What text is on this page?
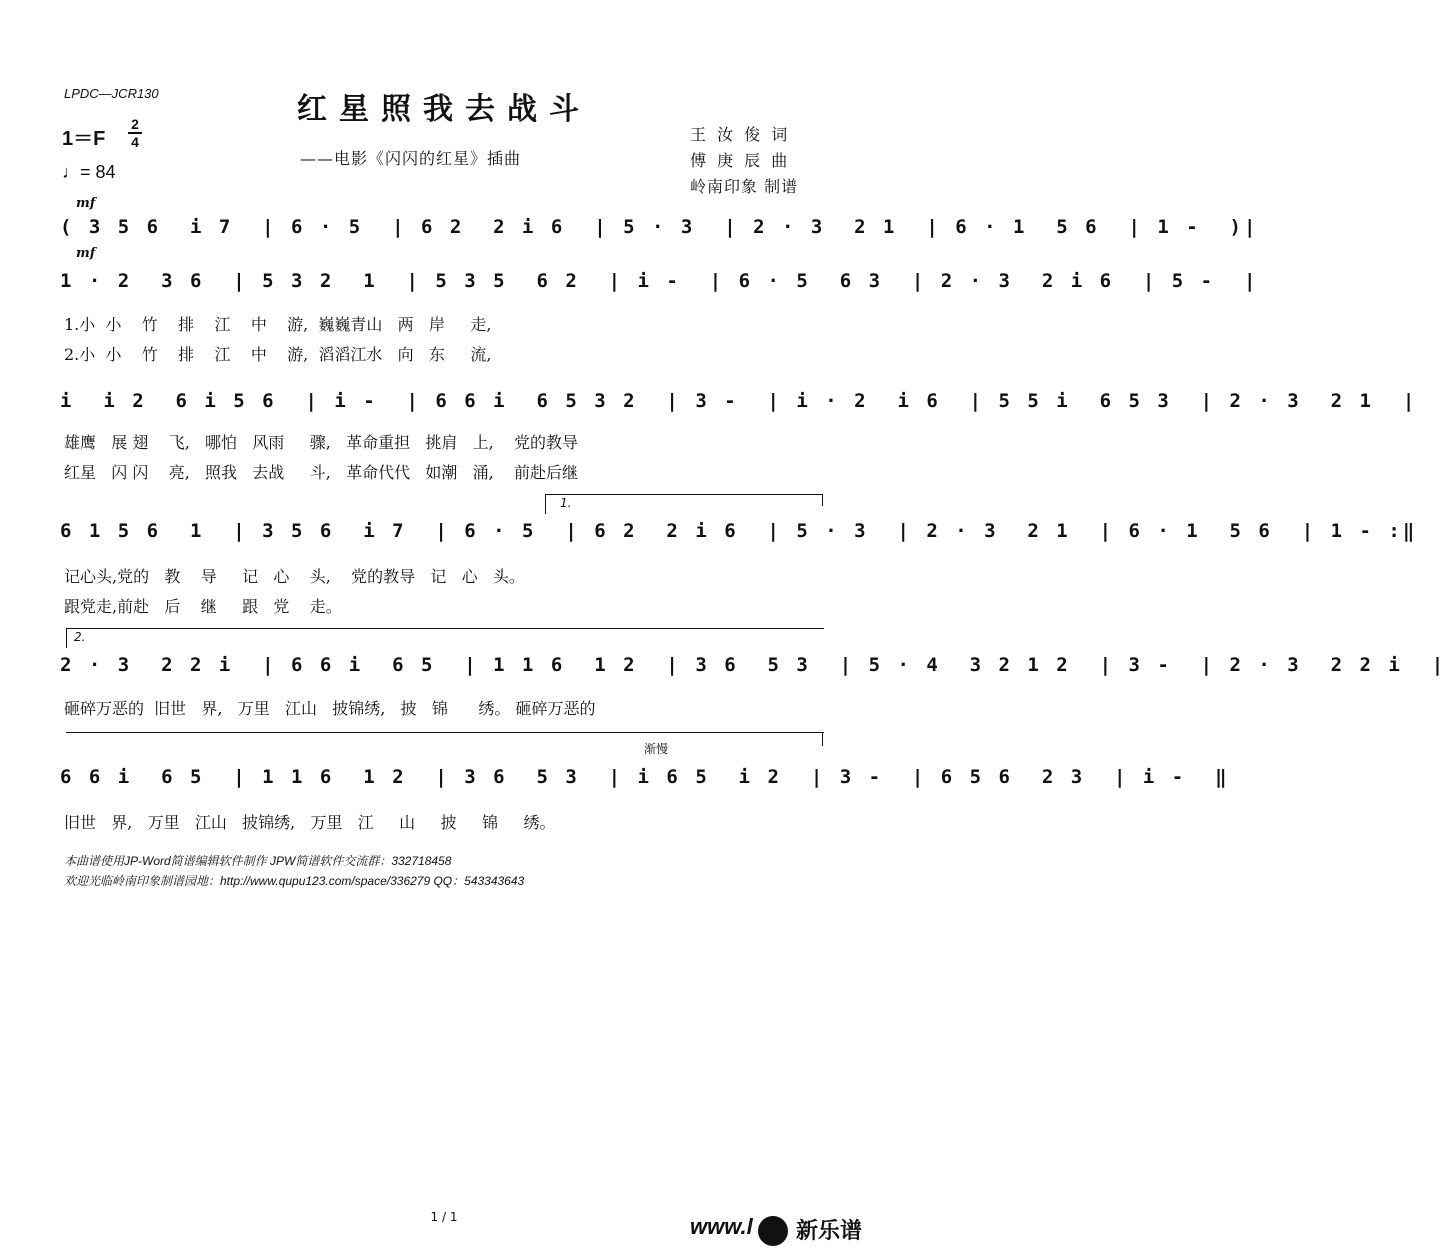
LPDC—JCR130	红星照我去战斗
——电影《闪闪的红星》插曲
1＝F
2
4
♩= 84
王 汝 俊 词
傅 庚 辰 曲
岭南印象 制谱
mf
( 3 5 6  i 7  | 6 · 5  | 6 2  2 i 6  | 5 · 3  | 2 · 3  2 1  | 6 · 1  5 6  | 1 -  )|
mf
1 · 2  3 6  | 5 3 2  1  | 5 3 5  6 2  | i -  | 6 · 5  6 3  | 2 · 3  2 i 6  | 5 -  |
1.小  小    竹    排    江    中    游,  巍巍青山   两   岸     走,
2.小  小    竹    排    江    中    游,  滔滔江水   向   东     流,
i  i 2  6 i 5 6  | i -  | 6 6 i  6 5 3 2  | 3 -  | i · 2  i 6  | 5 5 i  6 5 3  | 2 · 3  2 1  |
雄鹰   展 翅    飞,   哪怕   风雨     骤,   革命重担   挑肩   上,    党的教导
红星   闪 闪    亮,   照我   去战     斗,   革命代代   如潮   涌,    前赴后继
1.
6 1 5 6  1  | 3 5 6  i 7  | 6 · 5  | 6 2  2 i 6  | 5 · 3  | 2 · 3  2 1  | 6 · 1  5 6  | 1 - :‖
记心头,党的   教    导     记   心    头,    党的教导   记   心   头。
跟党走,前赴   后    继     跟   党    走。
2.
2 · 3  2 2 i  | 6 6 i  6 5  | 1 1 6  1 2  | 3 6  5 3  | 5 · 4  3 2 1 2  | 3 -  | 2 · 3  2 2 i  |
砸碎万恶的  旧世   界,   万里   江山   披锦绣,   披   锦      绣。 砸碎万恶的
渐慢
6 6 i  6 5  | 1 1 6  1 2  | 3 6  5 3  | i 6 5  i 2  | 3 -  | 6 5 6  2 3  | i -  ‖
旧世   界,   万里   江山   披锦绣,   万里   江     山     披     锦     绣。
本曲谱使用JP-Word简谱编辑软件制作 JPW简谱软件交流群：332718458
欢迎光临岭南印象制谱园地：http://www.qupu123.com/space/336279 QQ：543343643
1 / 1	www.l 新乐谱
